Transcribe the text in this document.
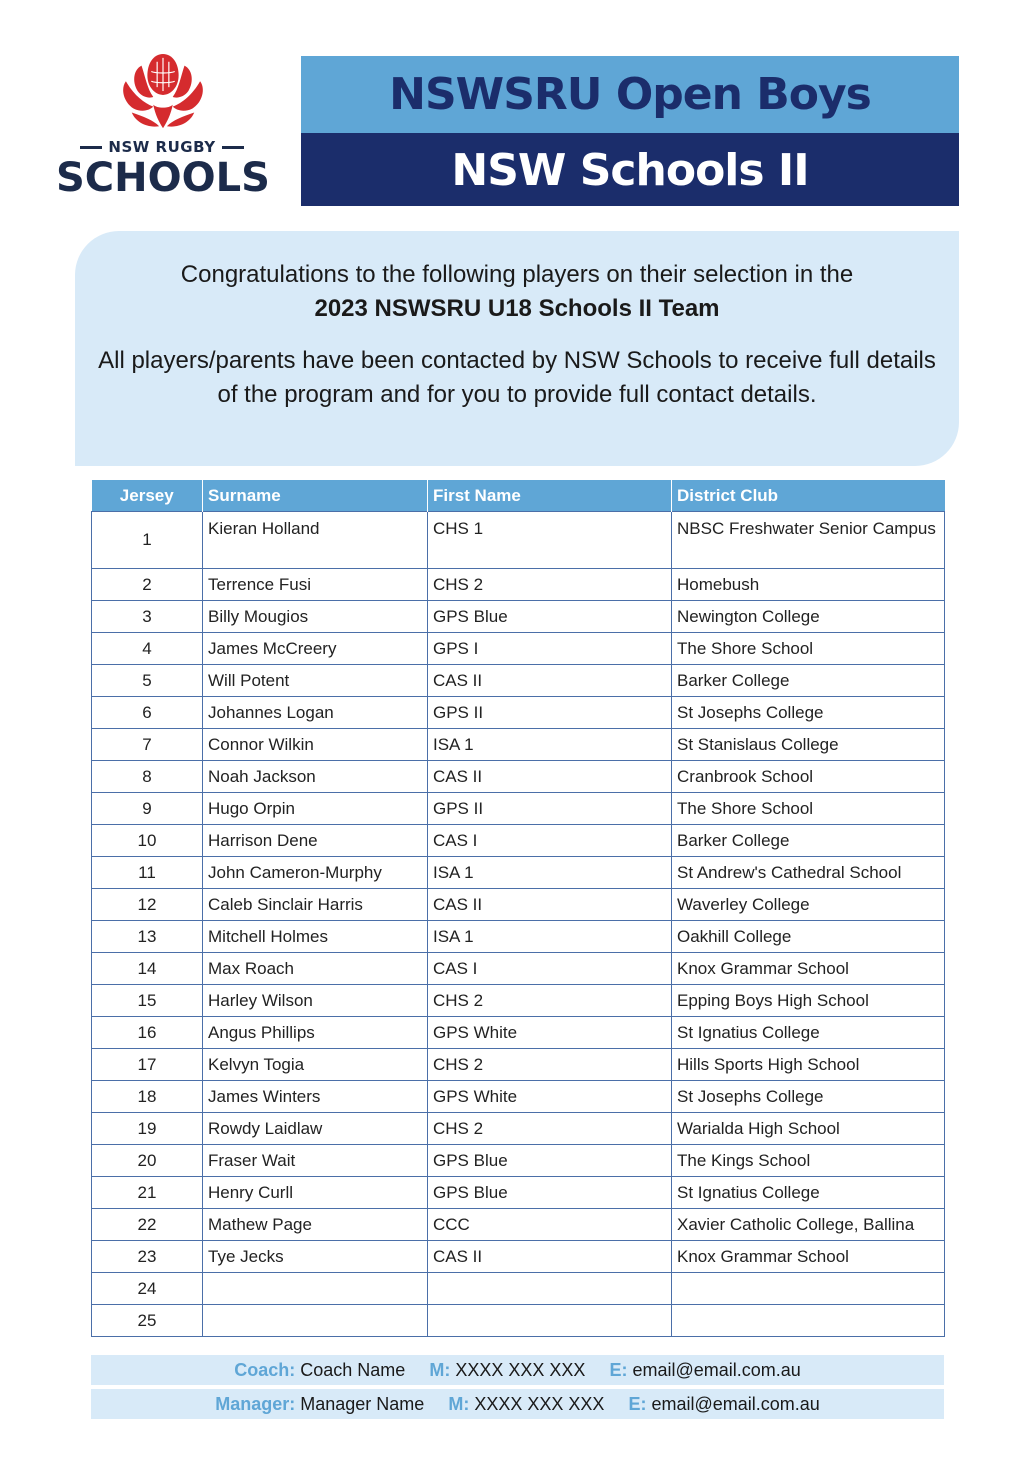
NSW RUGBY
SCHOOLS
NSWSRU Open Boys
NSW Schools II

Congratulations to the following players on their selection in the

2023 NSWSRU U18 Schools II Team

All players/parents have been contacted by NSW Schools to receive full details of the program and for you to provide full contact details.

Jersey	Surname	First Name	District Club
1	Kieran Holland	CHS 1	NBSC Freshwater Senior Campus
2	Terrence Fusi	CHS 2	Homebush
3	Billy Mougios	GPS Blue	Newington College
4	James McCreery	GPS I	The Shore School
5	Will Potent	CAS II	Barker College
6	Johannes Logan	GPS II	St Josephs College
7	Connor Wilkin	ISA 1	St Stanislaus College
8	Noah Jackson	CAS II	Cranbrook School
9	Hugo Orpin	GPS II	The Shore School
10	Harrison Dene	CAS I	Barker College
11	John Cameron-Murphy	ISA 1	St Andrew's Cathedral School
12	Caleb Sinclair Harris	CAS II	Waverley College
13	Mitchell Holmes	ISA 1	Oakhill College
14	Max Roach	CAS I	Knox Grammar School
15	Harley Wilson	CHS 2	Epping Boys High School
16	Angus Phillips	GPS White	St Ignatius College
17	Kelvyn Togia	CHS 2	Hills Sports High School
18	James Winters	GPS White	St Josephs College
19	Rowdy Laidlaw	CHS 2	Warialda High School
20	Fraser Wait	GPS Blue	The Kings School
21	Henry Curll	GPS Blue	St Ignatius College
22	Mathew Page	CCC	Xavier Catholic College, Ballina
23	Tye Jecks	CAS II	Knox Grammar School
24			
25			
Coach: Coach Name M: XXXX XXX XXX E: email@email.com.au
Manager: Manager Name M: XXXX XXX XXX E: email@email.com.au
